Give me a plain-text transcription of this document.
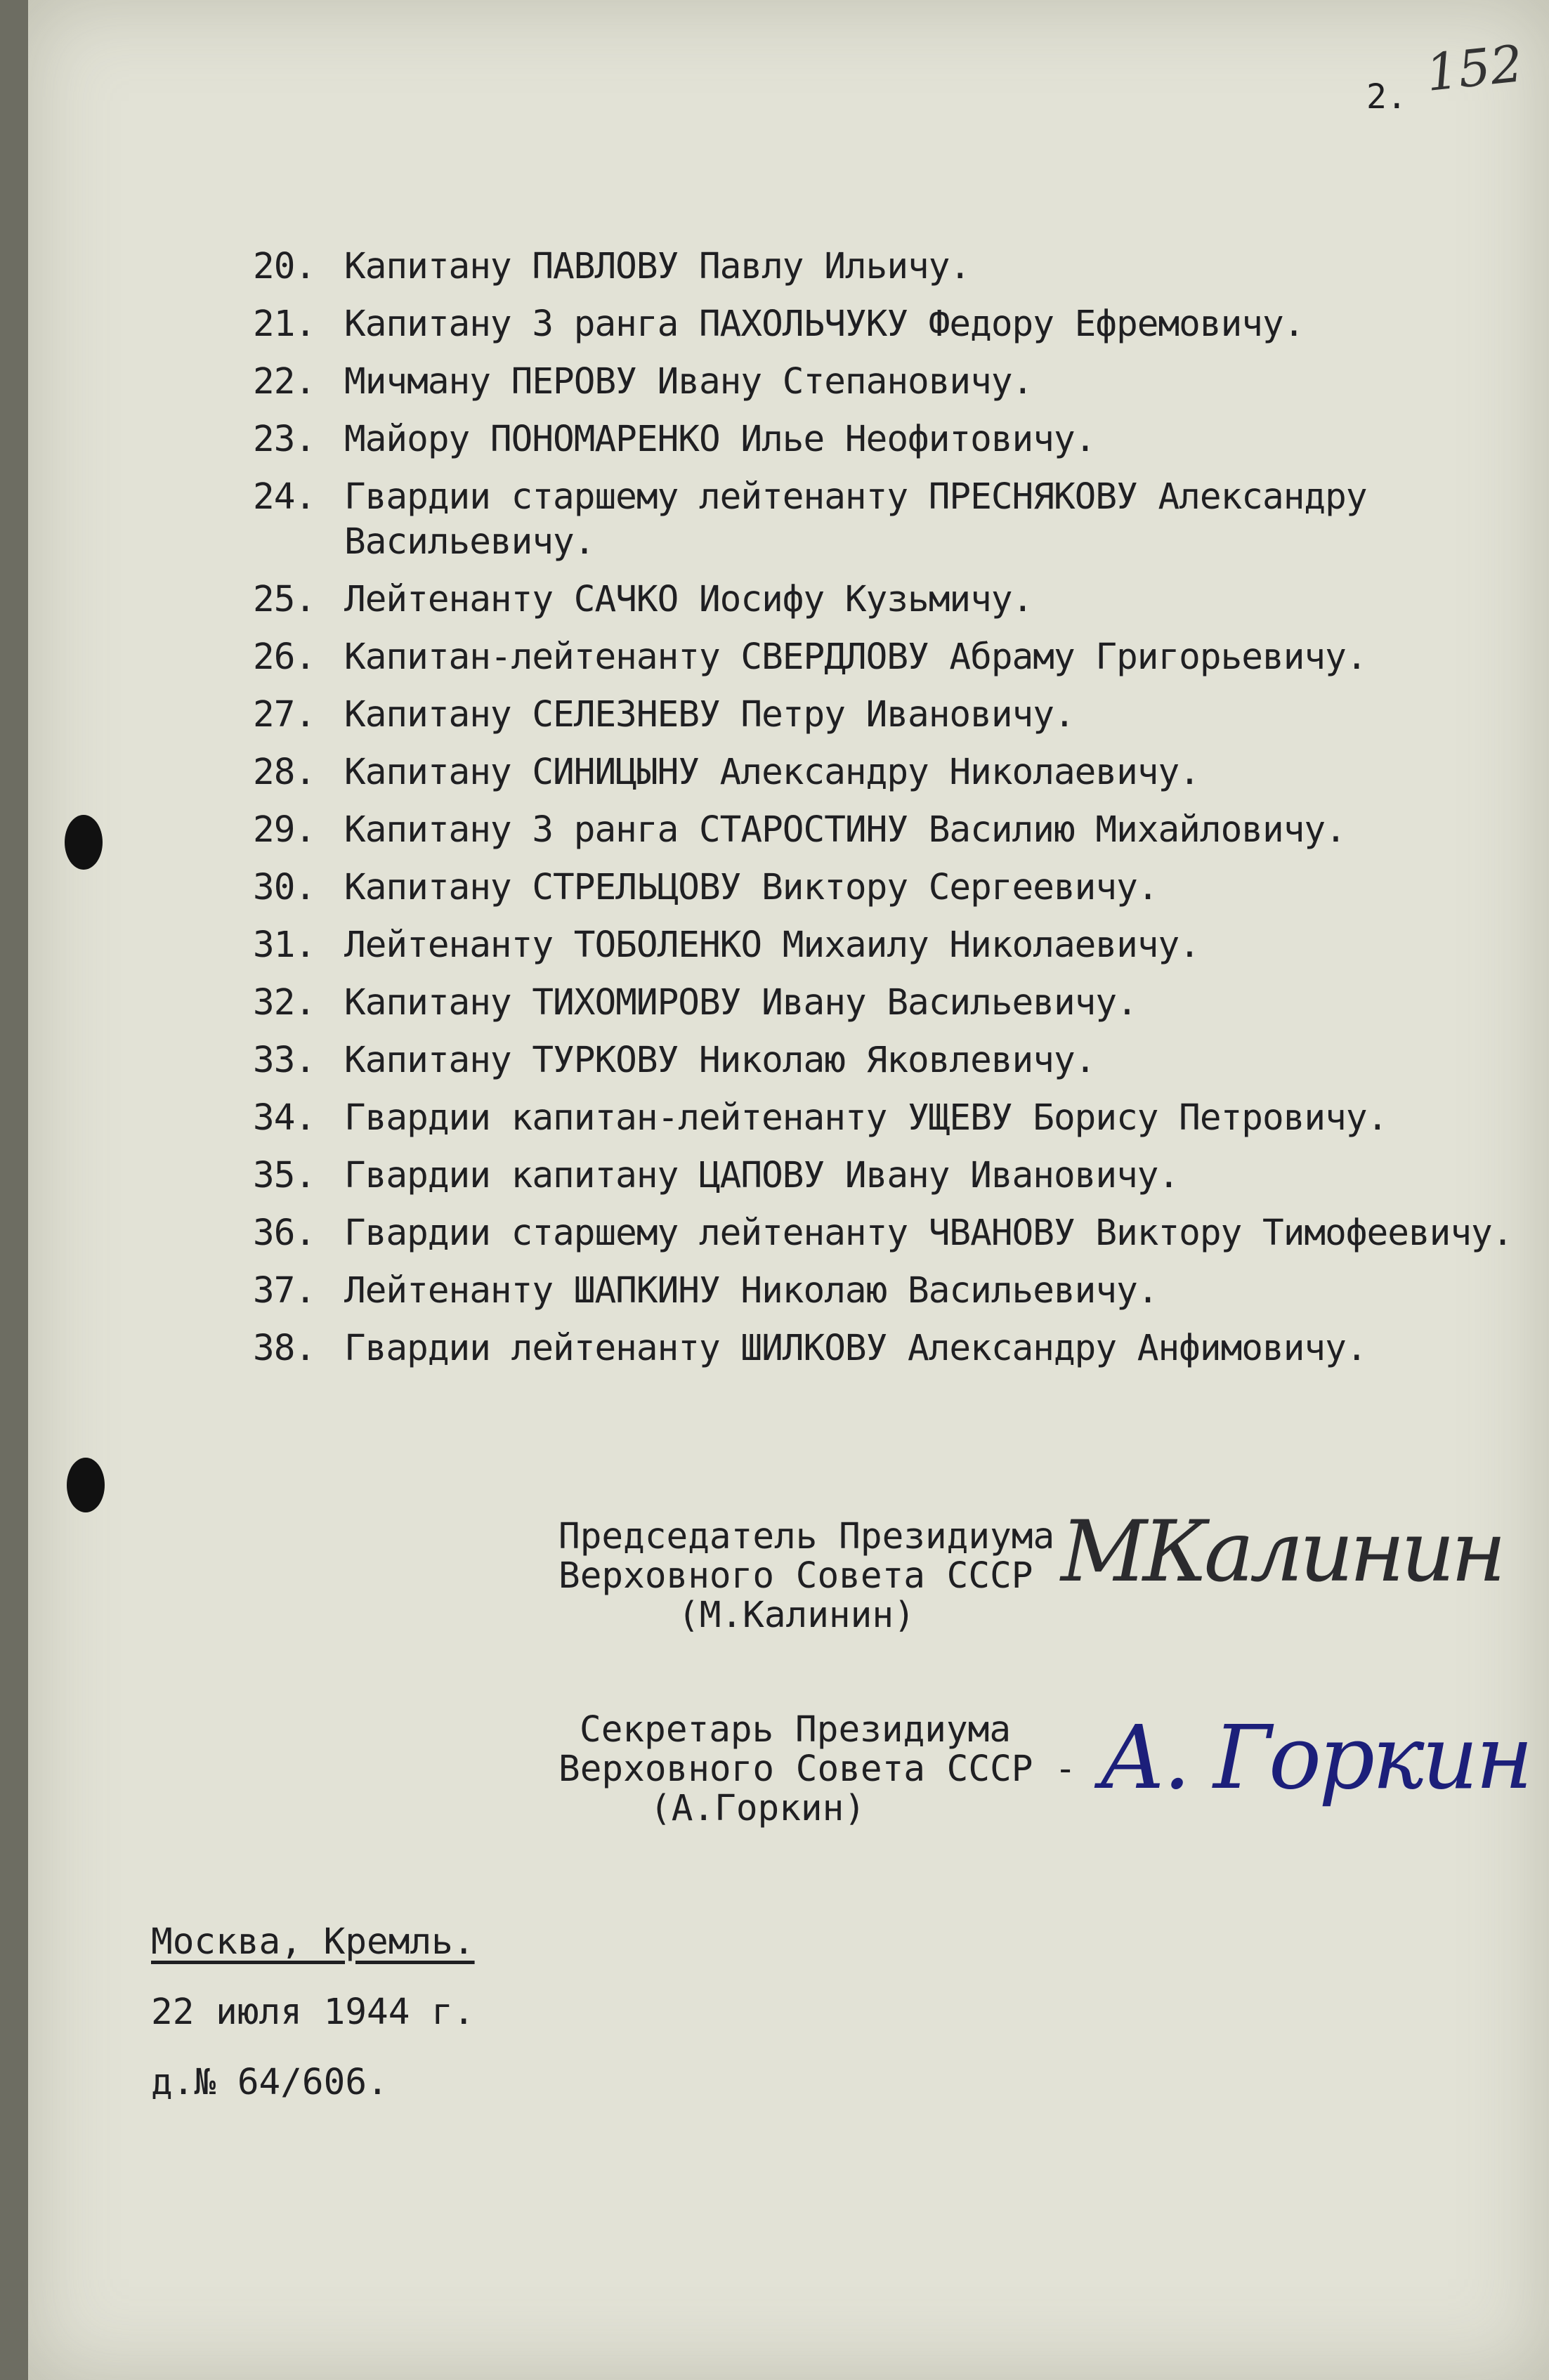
2. 152
20. Капитану ПАВЛОВУ Павлу Ильичу.
21. Капитану 3 ранга ПАХОЛЬЧУКУ Федору Ефремовичу.
22. Мичману ПЕРОВУ Ивану Степановичу.
23. Майору ПОНОМАРЕНКО Илье Неофитовичу.
24. Гвардии старшему лейтенанту ПРЕСНЯКОВУ Александру Васильевичу.
25. Лейтенанту САЧКО Иосифу Кузьмичу.
26. Капитан-лейтенанту СВЕРДЛОВУ Абраму Григорьевичу.
27. Капитану СЕЛЕЗНЕВУ Петру Ивановичу.
28. Капитану СИНИЦЫНУ Александру Николаевичу.
29. Капитану 3 ранга СТАРОСТИНУ Василию Михайловичу.
30. Капитану СТРЕЛЬЦОВУ Виктору Сергеевичу.
31. Лейтенанту ТОБОЛЕНКО Михаилу Николаевичу.
32. Капитану ТИХОМИРОВУ Ивану Васильевичу.
33. Капитану ТУРКОВУ Николаю Яковлевичу.
34. Гвардии капитан-лейтенанту УЩЕВУ Борису Петровичу.
35. Гвардии капитану ЦАПОВУ Ивану Ивановичу.
36. Гвардии старшему лейтенанту ЧВАНОВУ Виктору Тимофеевичу.
37. Лейтенанту ШАПКИНУ Николаю Васильевичу.
38. Гвардии лейтенанту ШИЛКОВУ Александру Анфимовичу.
Председатель Президиума
Верховного Совета СССР -
(М.Калинин)
МКалинин
Секретарь Президиума
Верховного Совета СССР -
(А.Горкин)	А. Горкин
Москва, Кремль.
22 июля 1944 г.
д.№ 64/606.
